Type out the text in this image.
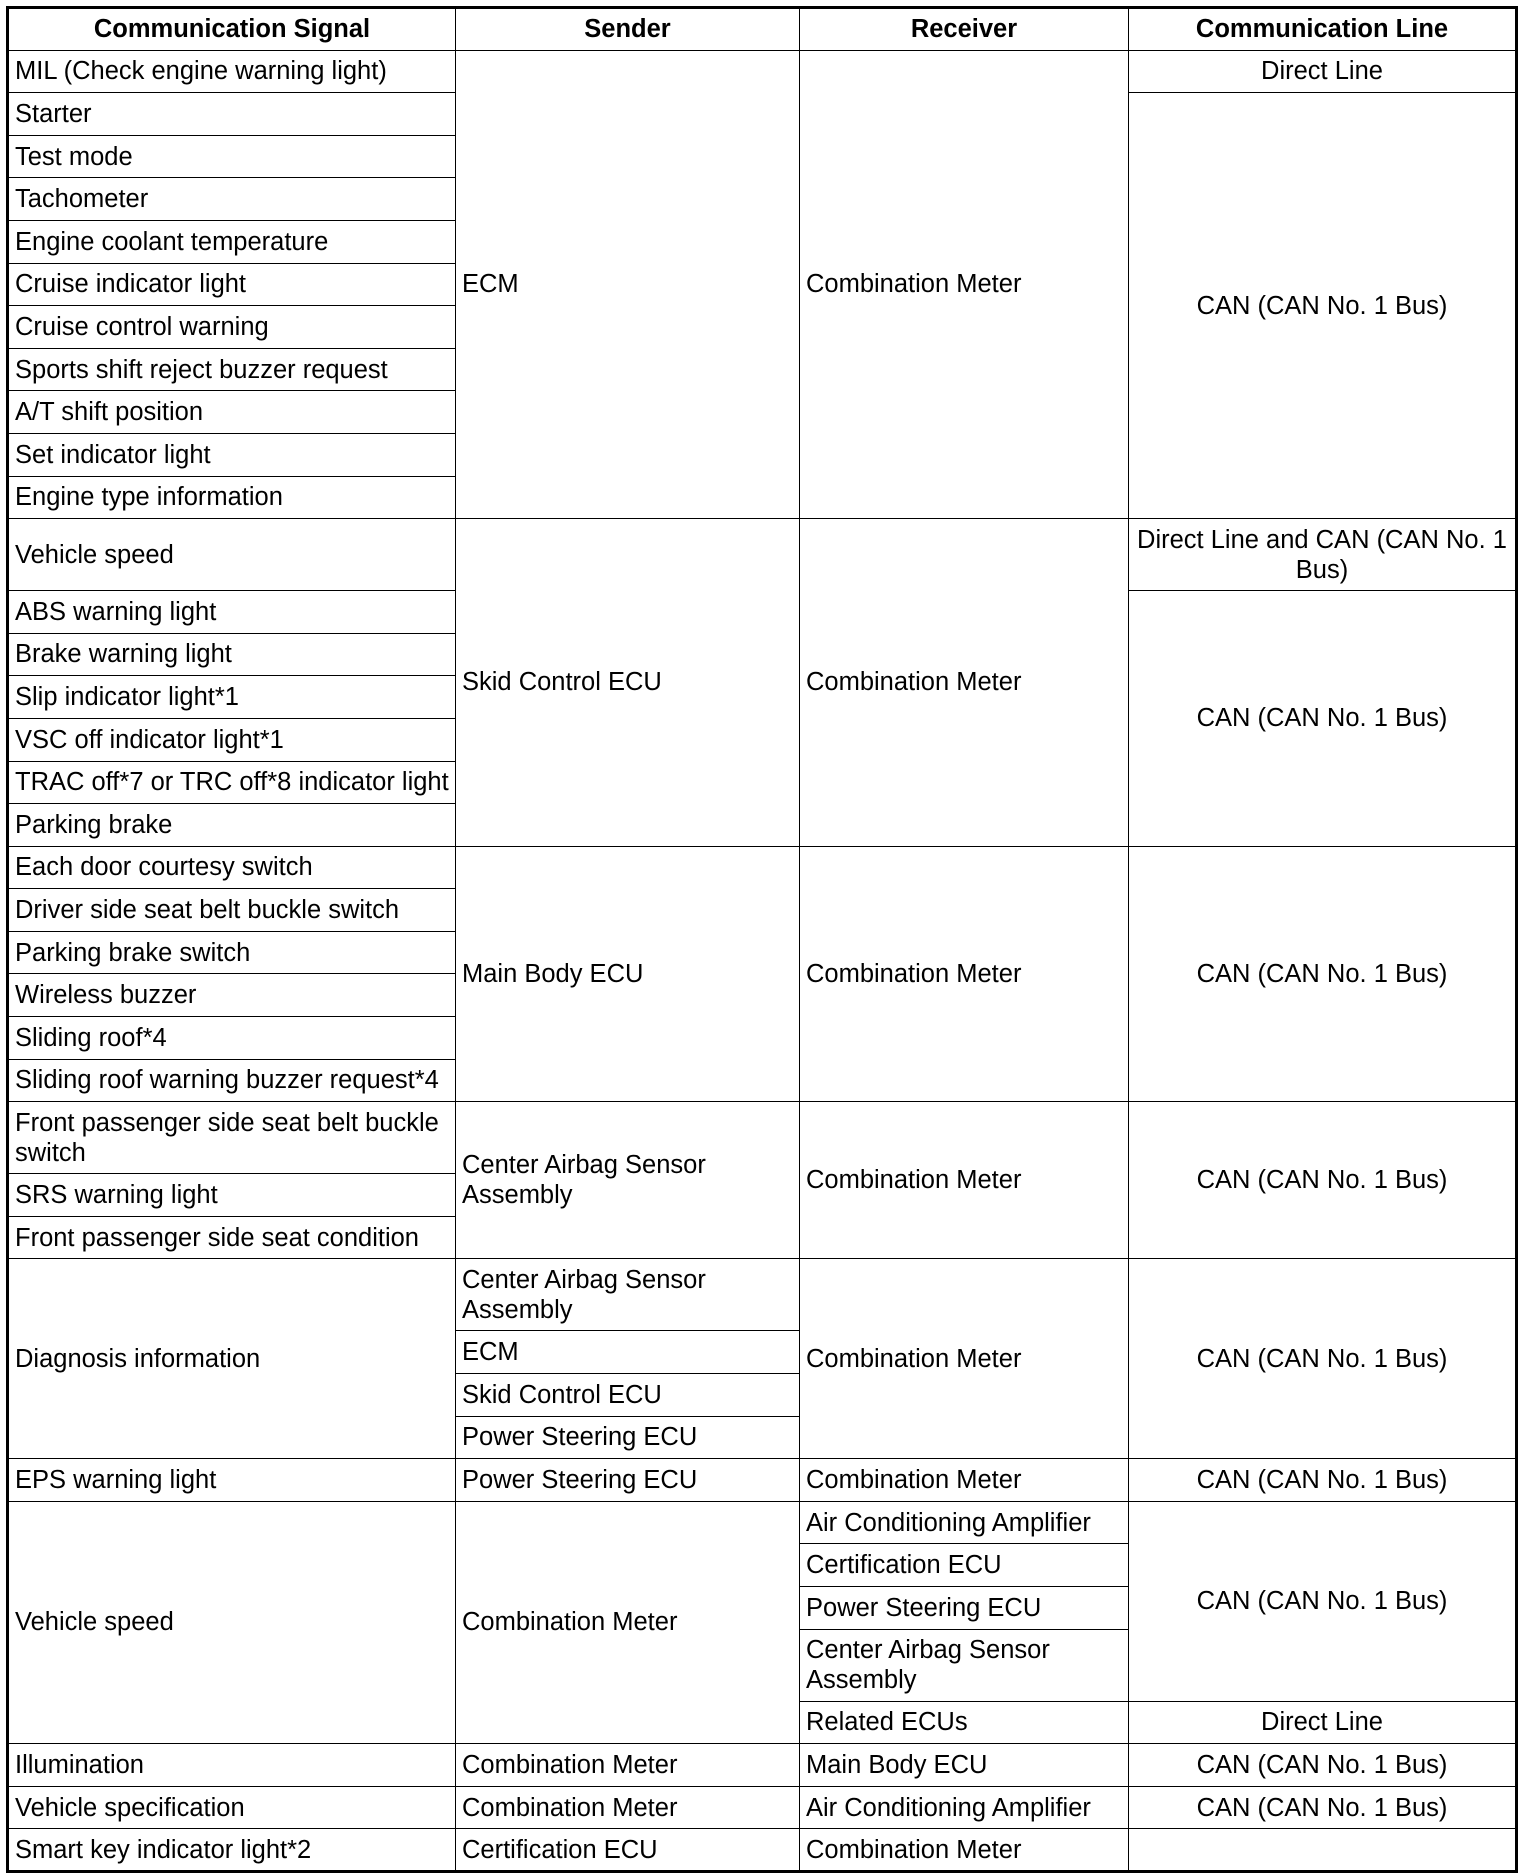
Communication Signal	Sender	Receiver	Communication Line
MIL (Check engine warning light)	ECM	Combination Meter	Direct Line
Starter			CAN (CAN No. 1 Bus)
Test mode			
Tachometer			
Engine coolant temperature			
Cruise indicator light			
Cruise control warning			
Sports shift reject buzzer request			
A/T shift position			
Set indicator light			
Engine type information			
Vehicle speed	Skid Control ECU	Combination Meter	Direct Line and CAN (CAN No. 1 Bus)
ABS warning light			CAN (CAN No. 1 Bus)
Brake warning light			
Slip indicator light*1			
VSC off indicator light*1			
TRAC off*7 or TRC off*8 indicator light			
Parking brake			
Each door courtesy switch	Main Body ECU	Combination Meter	CAN (CAN No. 1 Bus)
Driver side seat belt buckle switch			
Parking brake switch			
Wireless buzzer			
Sliding roof*4			
Sliding roof warning buzzer request*4			
Front passenger side seat belt buckle switch	Center Airbag Sensor Assembly	Combination Meter	CAN (CAN No. 1 Bus)
SRS warning light			
Front passenger side seat condition			
Diagnosis information	Center Airbag Sensor Assembly	Combination Meter	CAN (CAN No. 1 Bus)
	ECM		
	Skid Control ECU		
	Power Steering ECU		
EPS warning light	Power Steering ECU	Combination Meter	CAN (CAN No. 1 Bus)
Vehicle speed	Combination Meter	Air Conditioning Amplifier	CAN (CAN No. 1 Bus)
		Certification ECU	
		Power Steering ECU	
		Center Airbag Sensor Assembly	
		Related ECUs	Direct Line
Illumination	Combination Meter	Main Body ECU	CAN (CAN No. 1 Bus)
Vehicle specification	Combination Meter	Air Conditioning Amplifier	CAN (CAN No. 1 Bus)
Smart key indicator light*2	Certification ECU	Combination Meter	
